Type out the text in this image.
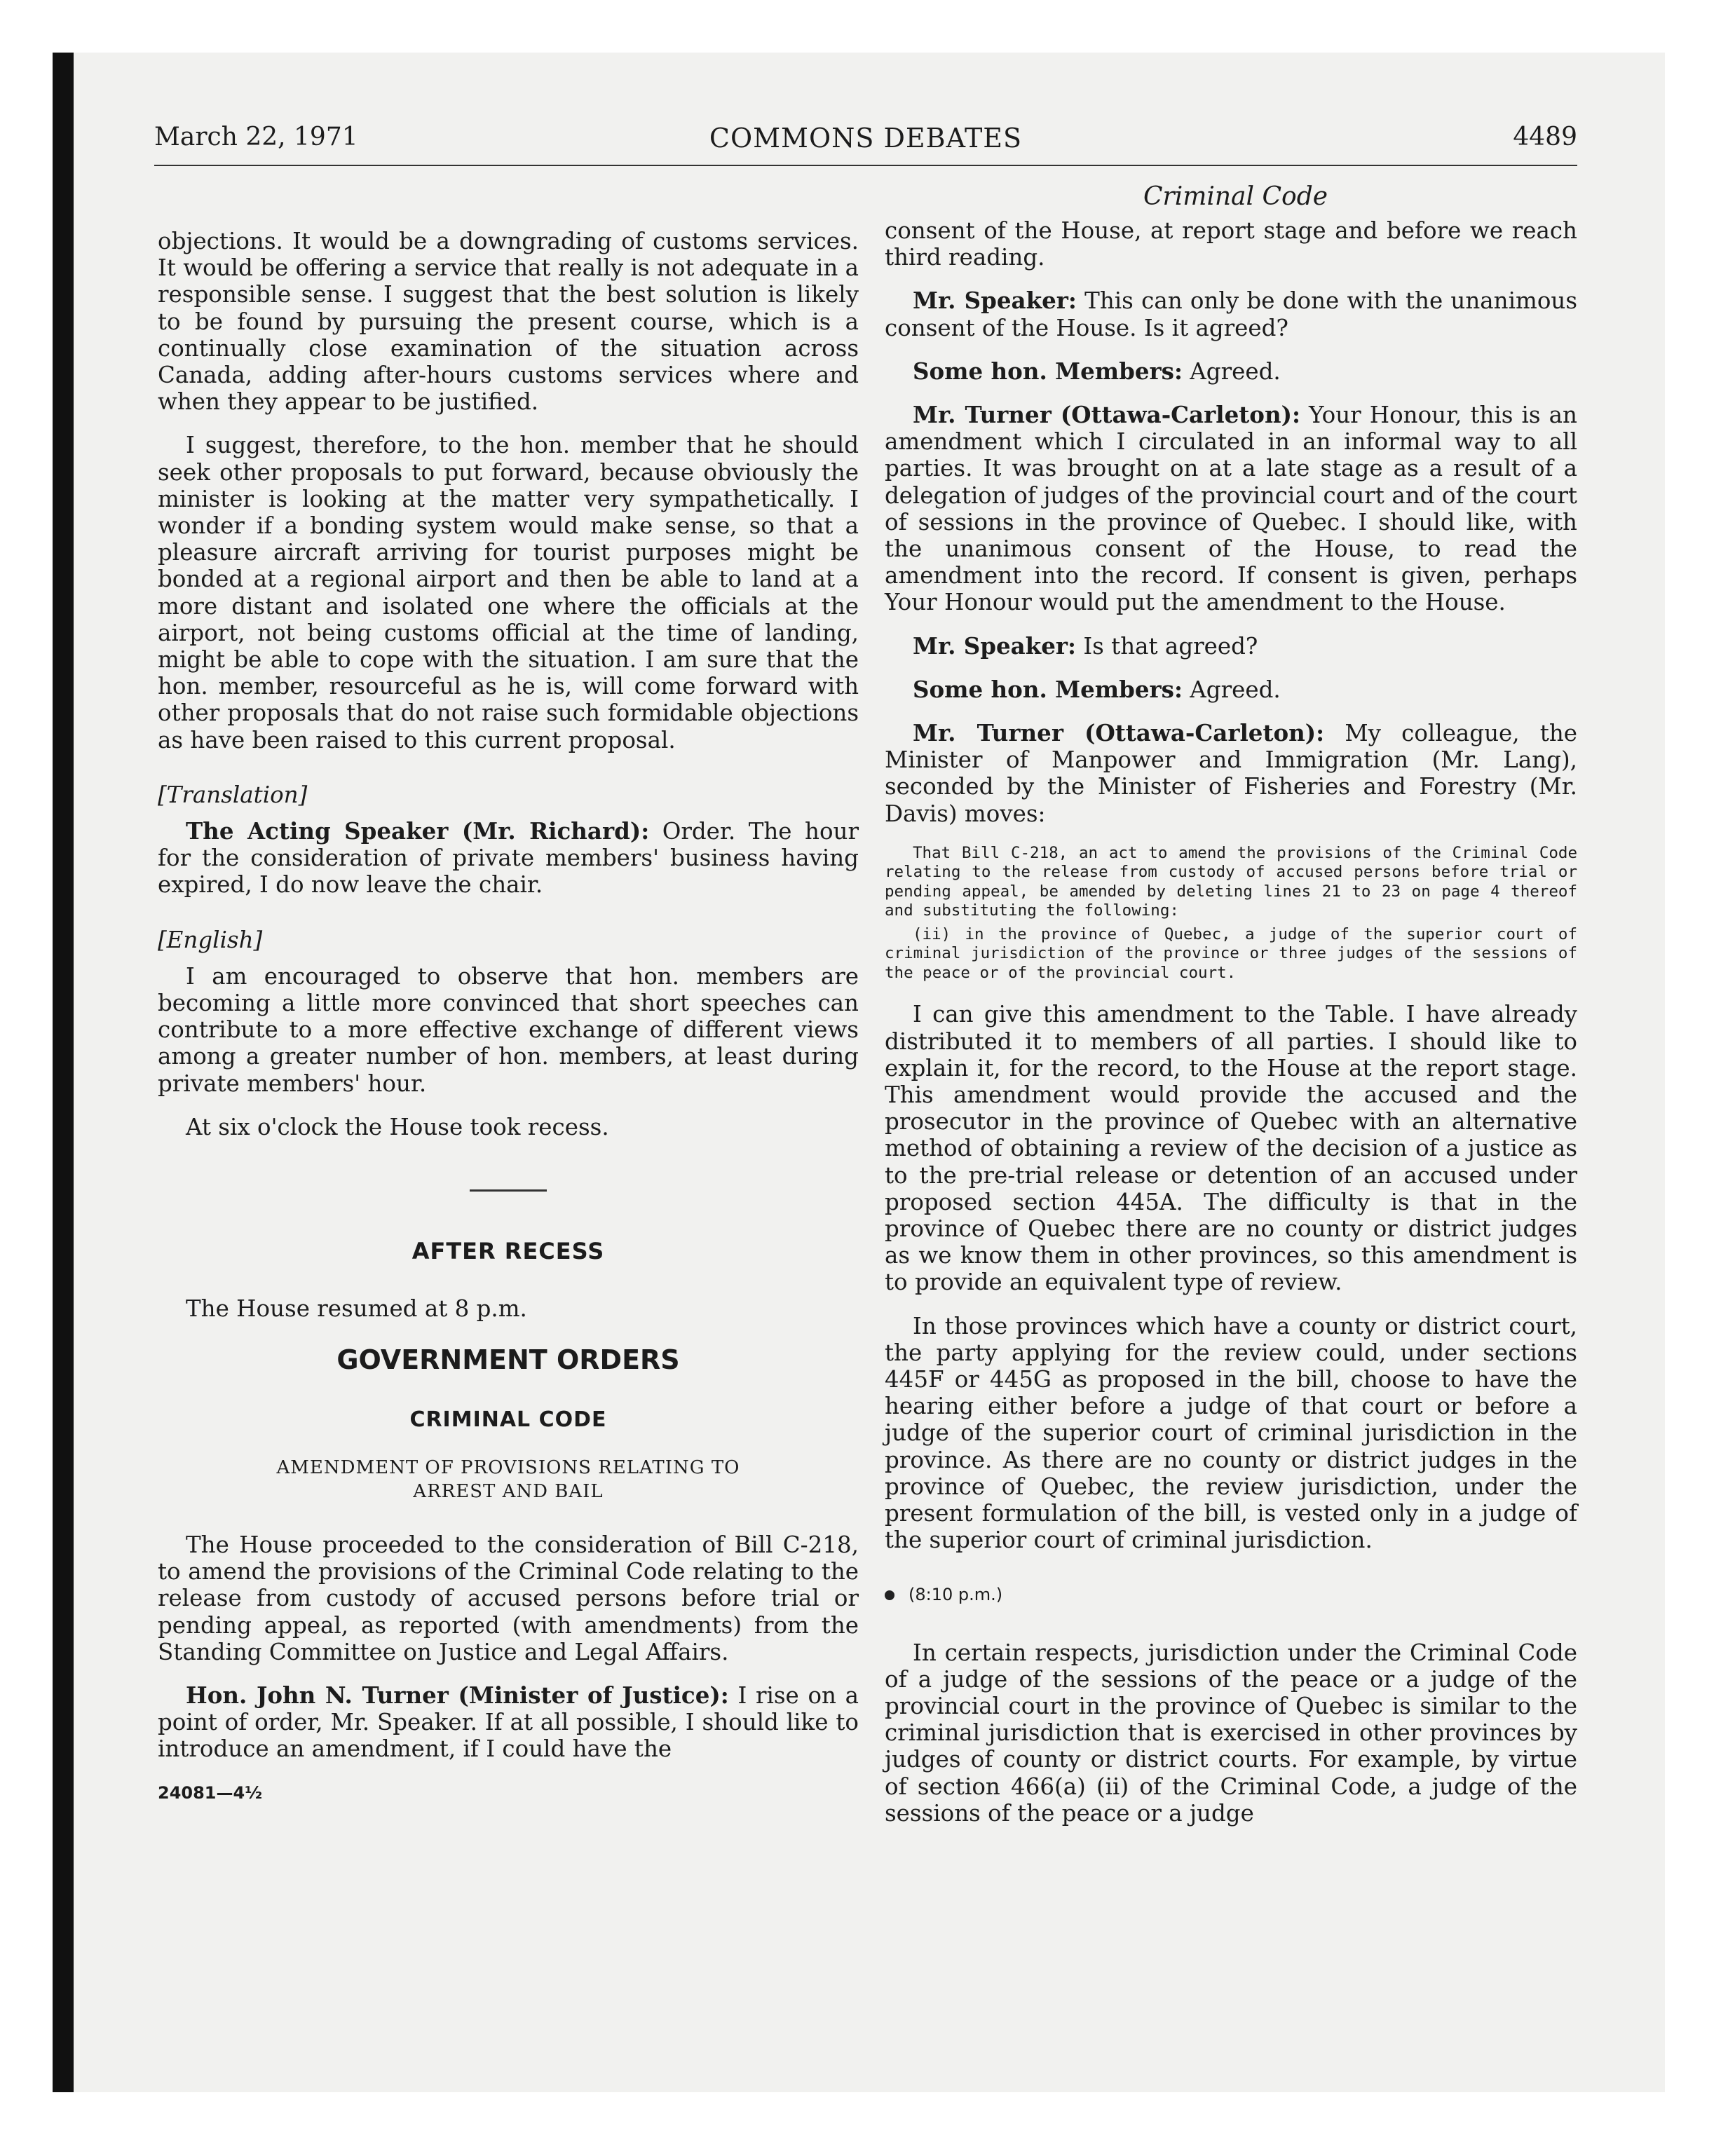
March 22, 1971	COMMONS DEBATES	4489
Criminal Code

objections. It would be a downgrading of customs services. It would be offering a service that really is not adequate in a responsible sense. I suggest that the best solution is likely to be found by pursuing the present course, which is a continually close examination of the situation across Canada, adding after-hours customs services where and when they appear to be justified.

I suggest, therefore, to the hon. member that he should seek other proposals to put forward, because obviously the minister is looking at the matter very sympathetically. I wonder if a bonding system would make sense, so that a pleasure aircraft arriving for tourist purposes might be bonded at a regional airport and then be able to land at a more distant and isolated one where the officials at the airport, not being customs official at the time of landing, might be able to cope with the situation. I am sure that the hon. member, resourceful as he is, will come forward with other proposals that do not raise such formidable objections as have been raised to this current proposal.

[Translation]

The Acting Speaker (Mr. Richard): Order. The hour for the consideration of private members' business having expired, I do now leave the chair.

[English]

I am encouraged to observe that hon. members are becoming a little more convinced that short speeches can contribute to a more effective exchange of different views among a greater number of hon. members, at least during private members' hour.

At six o'clock the House took recess.

AFTER RECESS

The House resumed at 8 p.m.

GOVERNMENT ORDERS
CRIMINAL CODE
AMENDMENT OF PROVISIONS RELATING TO
ARREST AND BAIL

The House proceeded to the consideration of Bill C-218, to amend the provisions of the Criminal Code relating to the release from custody of accused persons before trial or pending appeal, as reported (with amendments) from the Standing Committee on Justice and Legal Affairs.

Hon. John N. Turner (Minister of Justice): I rise on a point of order, Mr. Speaker. If at all possible, I should like to introduce an amendment, if I could have the

24081—4½

consent of the House, at report stage and before we reach third reading.

Mr. Speaker: This can only be done with the unanimous consent of the House. Is it agreed?

Some hon. Members: Agreed.

Mr. Turner (Ottawa-Carleton): Your Honour, this is an amendment which I circulated in an informal way to all parties. It was brought on at a late stage as a result of a delegation of judges of the provincial court and of the court of sessions in the province of Quebec. I should like, with the unanimous consent of the House, to read the amendment into the record. If consent is given, perhaps Your Honour would put the amendment to the House.

Mr. Speaker: Is that agreed?

Some hon. Members: Agreed.

Mr. Turner (Ottawa-Carleton): My colleague, the Minister of Manpower and Immigration (Mr. Lang), seconded by the Minister of Fisheries and Forestry (Mr. Davis) moves:

That Bill C-218, an act to amend the provisions of the Criminal Code relating to the release from custody of accused persons before trial or pending appeal, be amended by deleting lines 21 to 23 on page 4 thereof and substituting the following:
(ii) in the province of Quebec, a judge of the superior court of criminal jurisdiction of the province or three judges of the sessions of the peace or of the provincial court.

I can give this amendment to the Table. I have already distributed it to members of all parties. I should like to explain it, for the record, to the House at the report stage. This amendment would provide the accused and the prosecutor in the province of Quebec with an alternative method of obtaining a review of the decision of a justice as to the pre-trial release or detention of an accused under proposed section 445A. The difficulty is that in the province of Quebec there are no county or district judges as we know them in other provinces, so this amendment is to provide an equivalent type of review.

In those provinces which have a county or district court, the party applying for the review could, under sections 445F or 445G as proposed in the bill, choose to have the hearing either before a judge of that court or before a judge of the superior court of criminal jurisdiction in the province. As there are no county or district judges in the province of Quebec, the review jurisdiction, under the present formulation of the bill, is vested only in a judge of the superior court of criminal jurisdiction.

(8:10 p.m.)

In certain respects, jurisdiction under the Criminal Code of a judge of the sessions of the peace or a judge of the provincial court in the province of Quebec is similar to the criminal jurisdiction that is exercised in other provinces by judges of county or district courts. For example, by virtue of section 466(a) (ii) of the Criminal Code, a judge of the sessions of the peace or a judge
